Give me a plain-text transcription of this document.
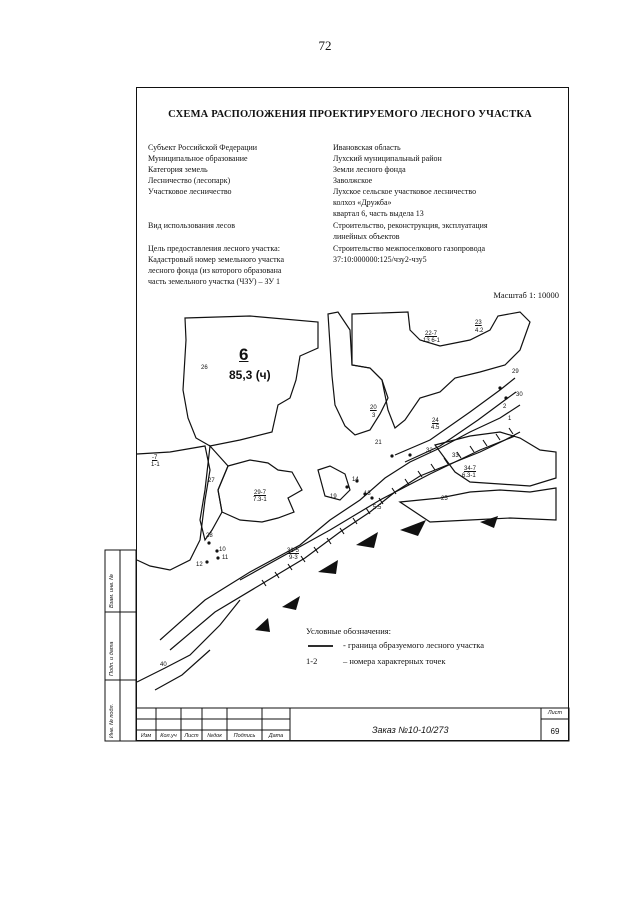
72
СХЕМА РАСПОЛОЖЕНИЯ ПРОЕКТИРУЕМОГО ЛЕСНОГО УЧАСТКА
Субъект Российской Федерации	Ивановская область
Муниципальное образование	Лухский муниципальный район
Категория земель	Земли лесного фонда
Лесничество (лесопарк)	Заволжское
Участковое лесничество	Лухское сельское участковое лесничество
колхоз «Дружба»
квартал 6, часть выдела 13
Вид использования лесов	Строительство, реконструкция, эксплуатация
линейных объектов
Цель предоставления лесного участка:	Строительство межпоселкового газопровода
Кадастровый номер земельного участка	37:10:000000:125/чзу2-чзу5
лесного фонда (из которого образована
часть земельного участка (ЧЗУ) – ЗУ 1
Масштаб 1: 10000
6
85,3 (ч)
26
22-7
13 6-1
23
4.2
20
3
21
24
4.5
32
34-7
6.3-1
25
-7
1-1
27
29-7
7.3-1	19
14
13
5.5
28
10
11
12
31-5
9-3
40
29
30
33
2
1
Условные обозначения:
- граница образуемого лесного участка
1-2	– номера характерных точек
Изм	Кол.уч	Лист	№док	Подпись	Дата
Заказ №10-10/273
Лист
69
Взам. инв. №
Подп. и дата
Инв. № подл.
